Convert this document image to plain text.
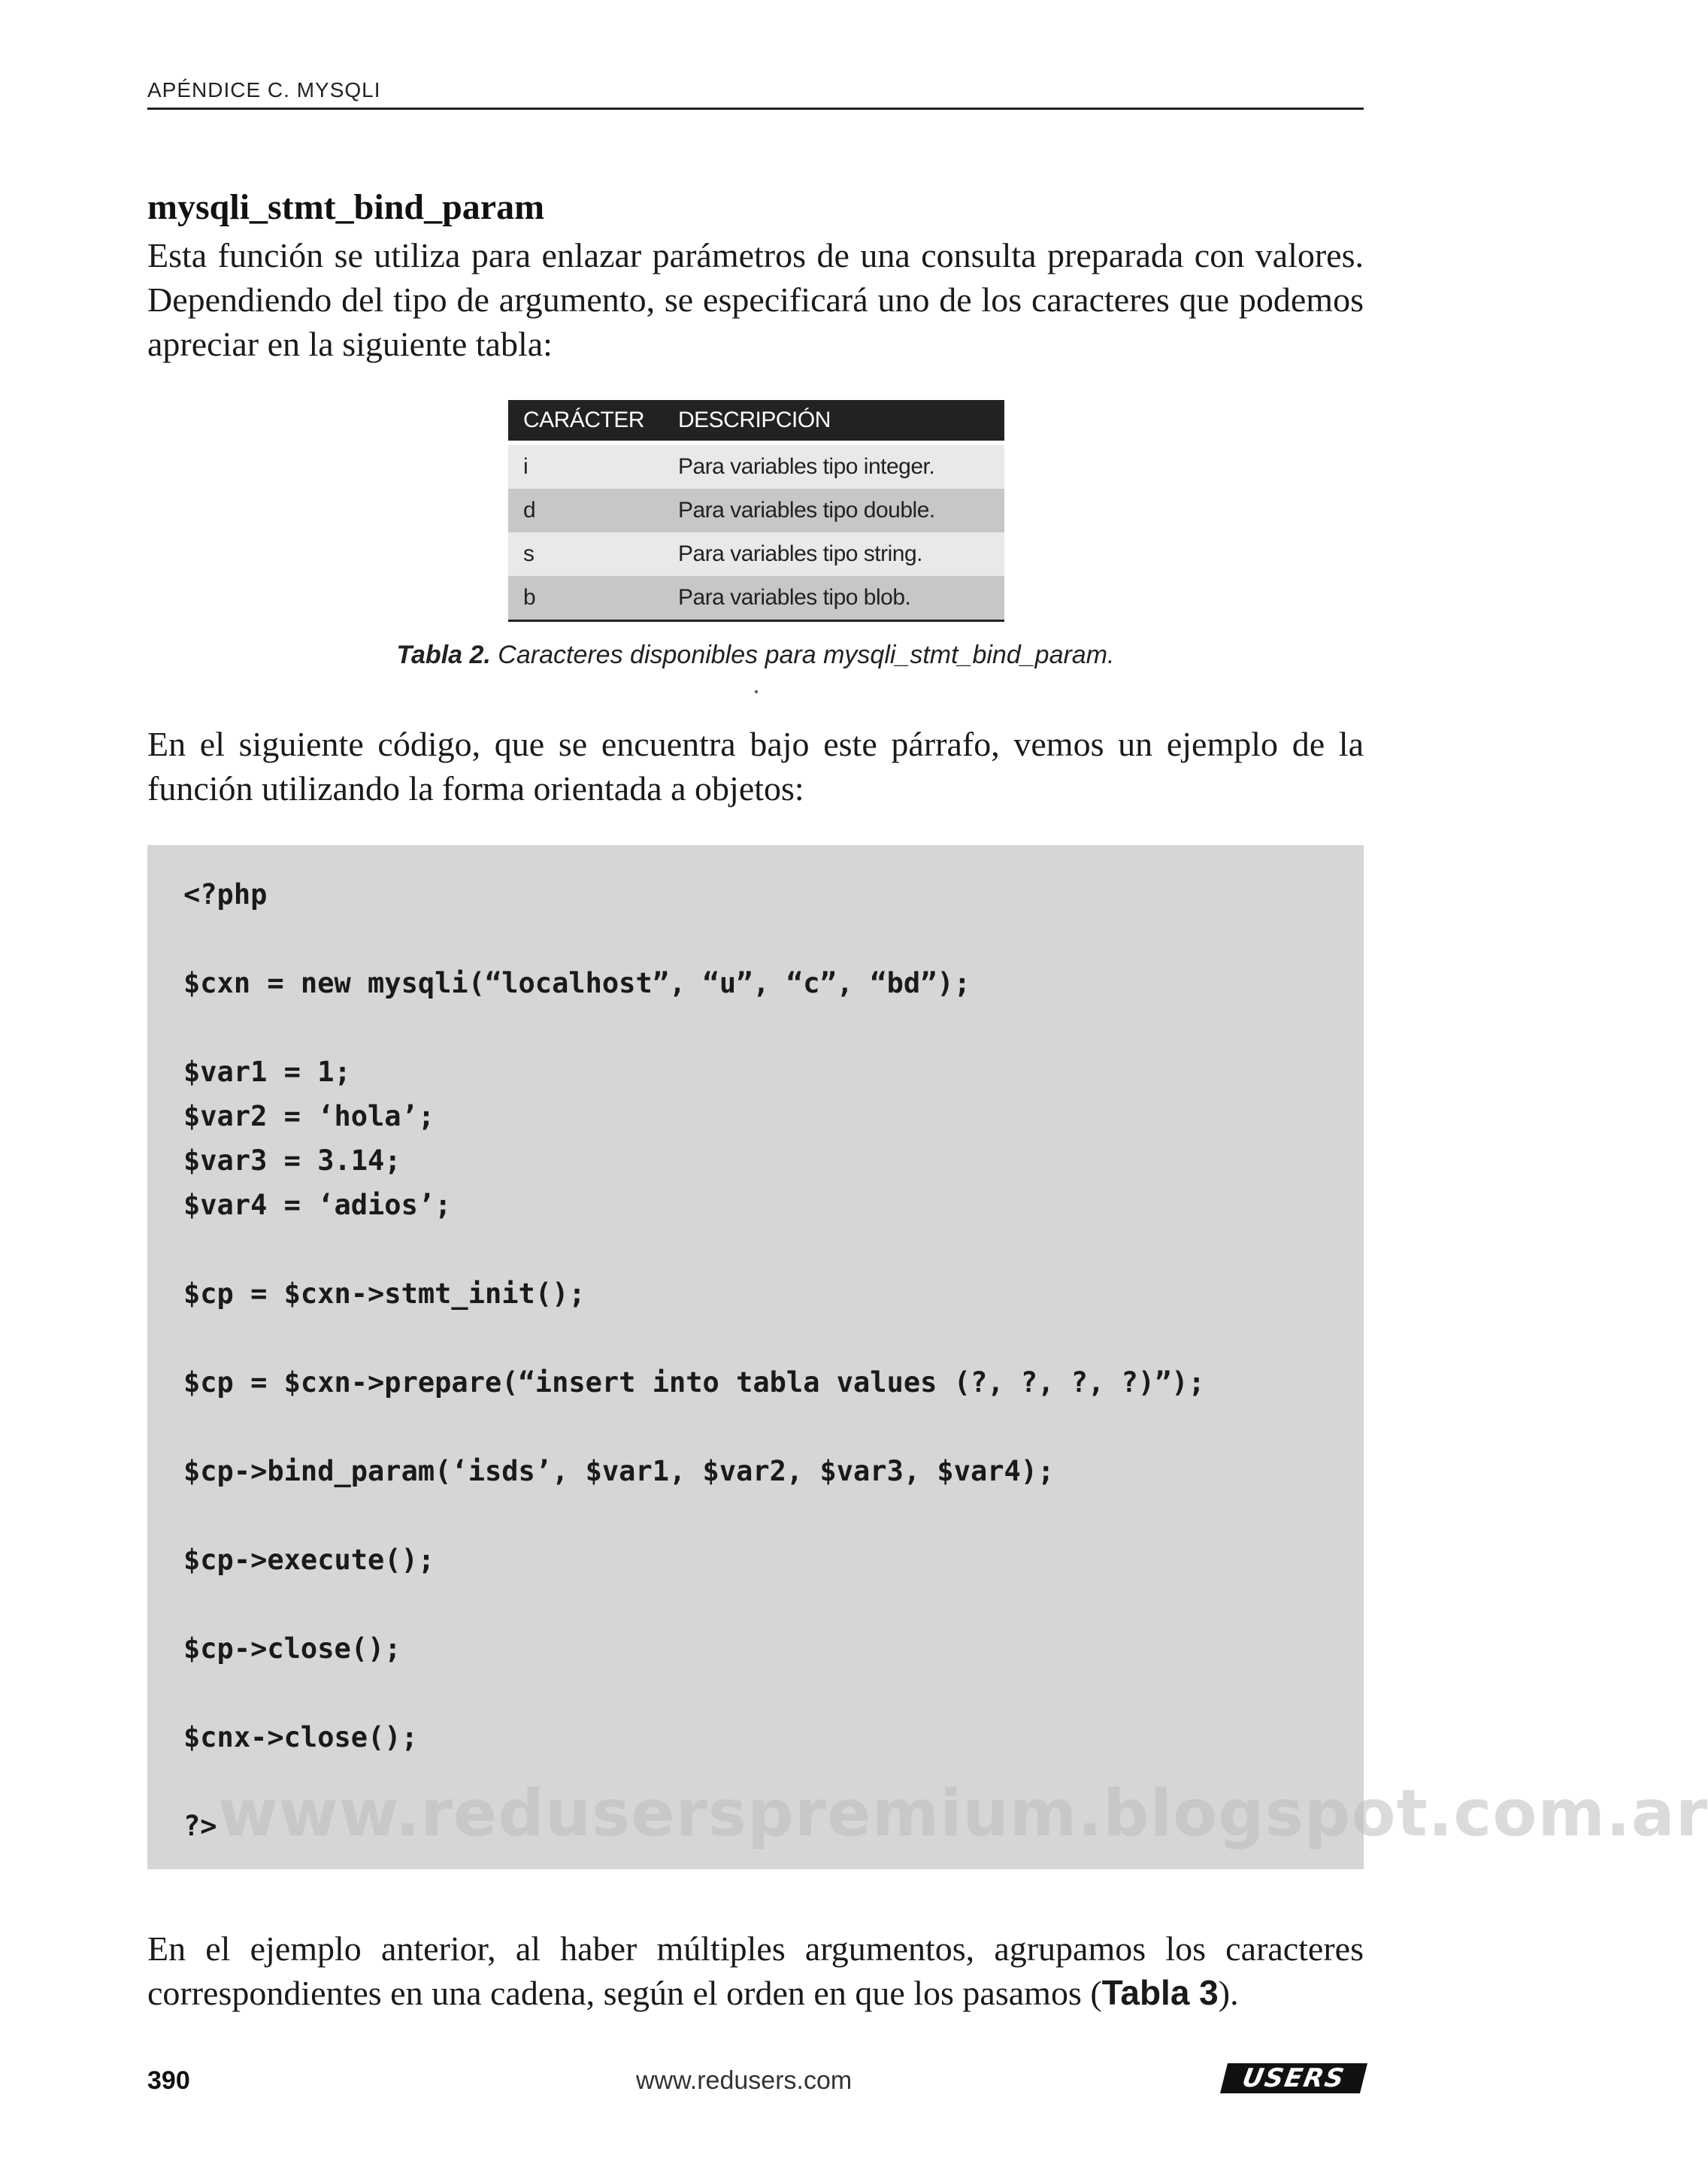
APÉNDICE C. MYSQLI
mysqli_stmt_bind_param

Esta función se utiliza para enlazar parámetros de una consulta preparada con valores. Dependiendo del tipo de argumento, se especificará uno de los caracteres que podemos apreciar en la siguiente tabla:

CARÁCTER	DESCRIPCIÓN
i	Para variables tipo integer.
d	Para variables tipo double.
s	Para variables tipo string.
b	Para variables tipo blob.
Tabla 2. Caracteres disponibles para mysqli_stmt_bind_param.

En el siguiente código, que se encuentra bajo este párrafo, vemos un ejemplo de la función utilizando la forma orientada a objetos:

<?php
$cxn = new mysqli(“localhost”, “u”, “c”, “bd”);
$var1 = 1;
$var2 = ‘hola’;
$var3 = 3.14;
$var4 = ‘adios’;
$cp = $cxn->stmt_init();
$cp = $cxn->prepare(“insert into tabla values (?, ?, ?, ?)”);
$cp->bind_param(‘isds’, $var1, $var2, $var3, $var4);
$cp->execute();
$cp->close();
$cnx->close();
?> www.reduserspremium.blogspot.com.ar

En el ejemplo anterior, al haber múltiples argumentos, agrupamos los caracteres correspondientes en una cadena, según el orden en que los pasamos (Tabla 3).

390	www.redusers.com	USERS
